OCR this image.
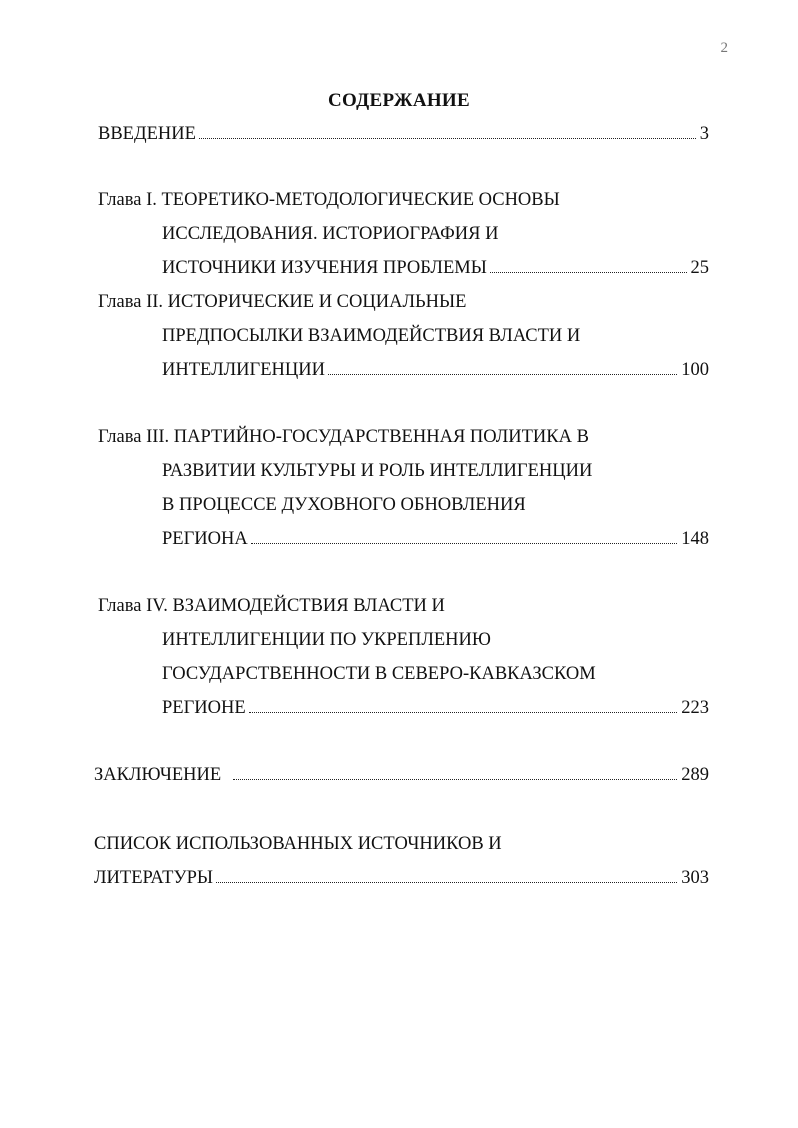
2
СОДЕРЖАНИЕ
ВВЕДЕНИЕ	3
Глава I. ТЕОРЕТИКО-МЕТОДОЛОГИЧЕСКИЕ ОСНОВЫ
ИССЛЕДОВАНИЯ. ИСТОРИОГРАФИЯ И
ИСТОЧНИКИ ИЗУЧЕНИЯ ПРОБЛЕМЫ	25
Глава II. ИСТОРИЧЕСКИЕ И СОЦИАЛЬНЫЕ
ПРЕДПОСЫЛКИ ВЗАИМОДЕЙСТВИЯ ВЛАСТИ И
ИНТЕЛЛИГЕНЦИИ	100
Глава III. ПАРТИЙНО-ГОСУДАРСТВЕННАЯ ПОЛИТИКА В
РАЗВИТИИ КУЛЬТУРЫ И РОЛЬ ИНТЕЛЛИГЕНЦИИ
В ПРОЦЕССЕ ДУХОВНОГО ОБНОВЛЕНИЯ
РЕГИОНА	148
Глава IV. ВЗАИМОДЕЙСТВИЯ ВЛАСТИ И
ИНТЕЛЛИГЕНЦИИ ПО УКРЕПЛЕНИЮ
ГОСУДАРСТВЕННОСТИ В СЕВЕРО-КАВКАЗСКОМ
РЕГИОНЕ	223
ЗАКЛЮЧЕНИЕ	289
СПИСОК ИСПОЛЬЗОВАННЫХ ИСТОЧНИКОВ И
ЛИТЕРАТУРЫ	303
